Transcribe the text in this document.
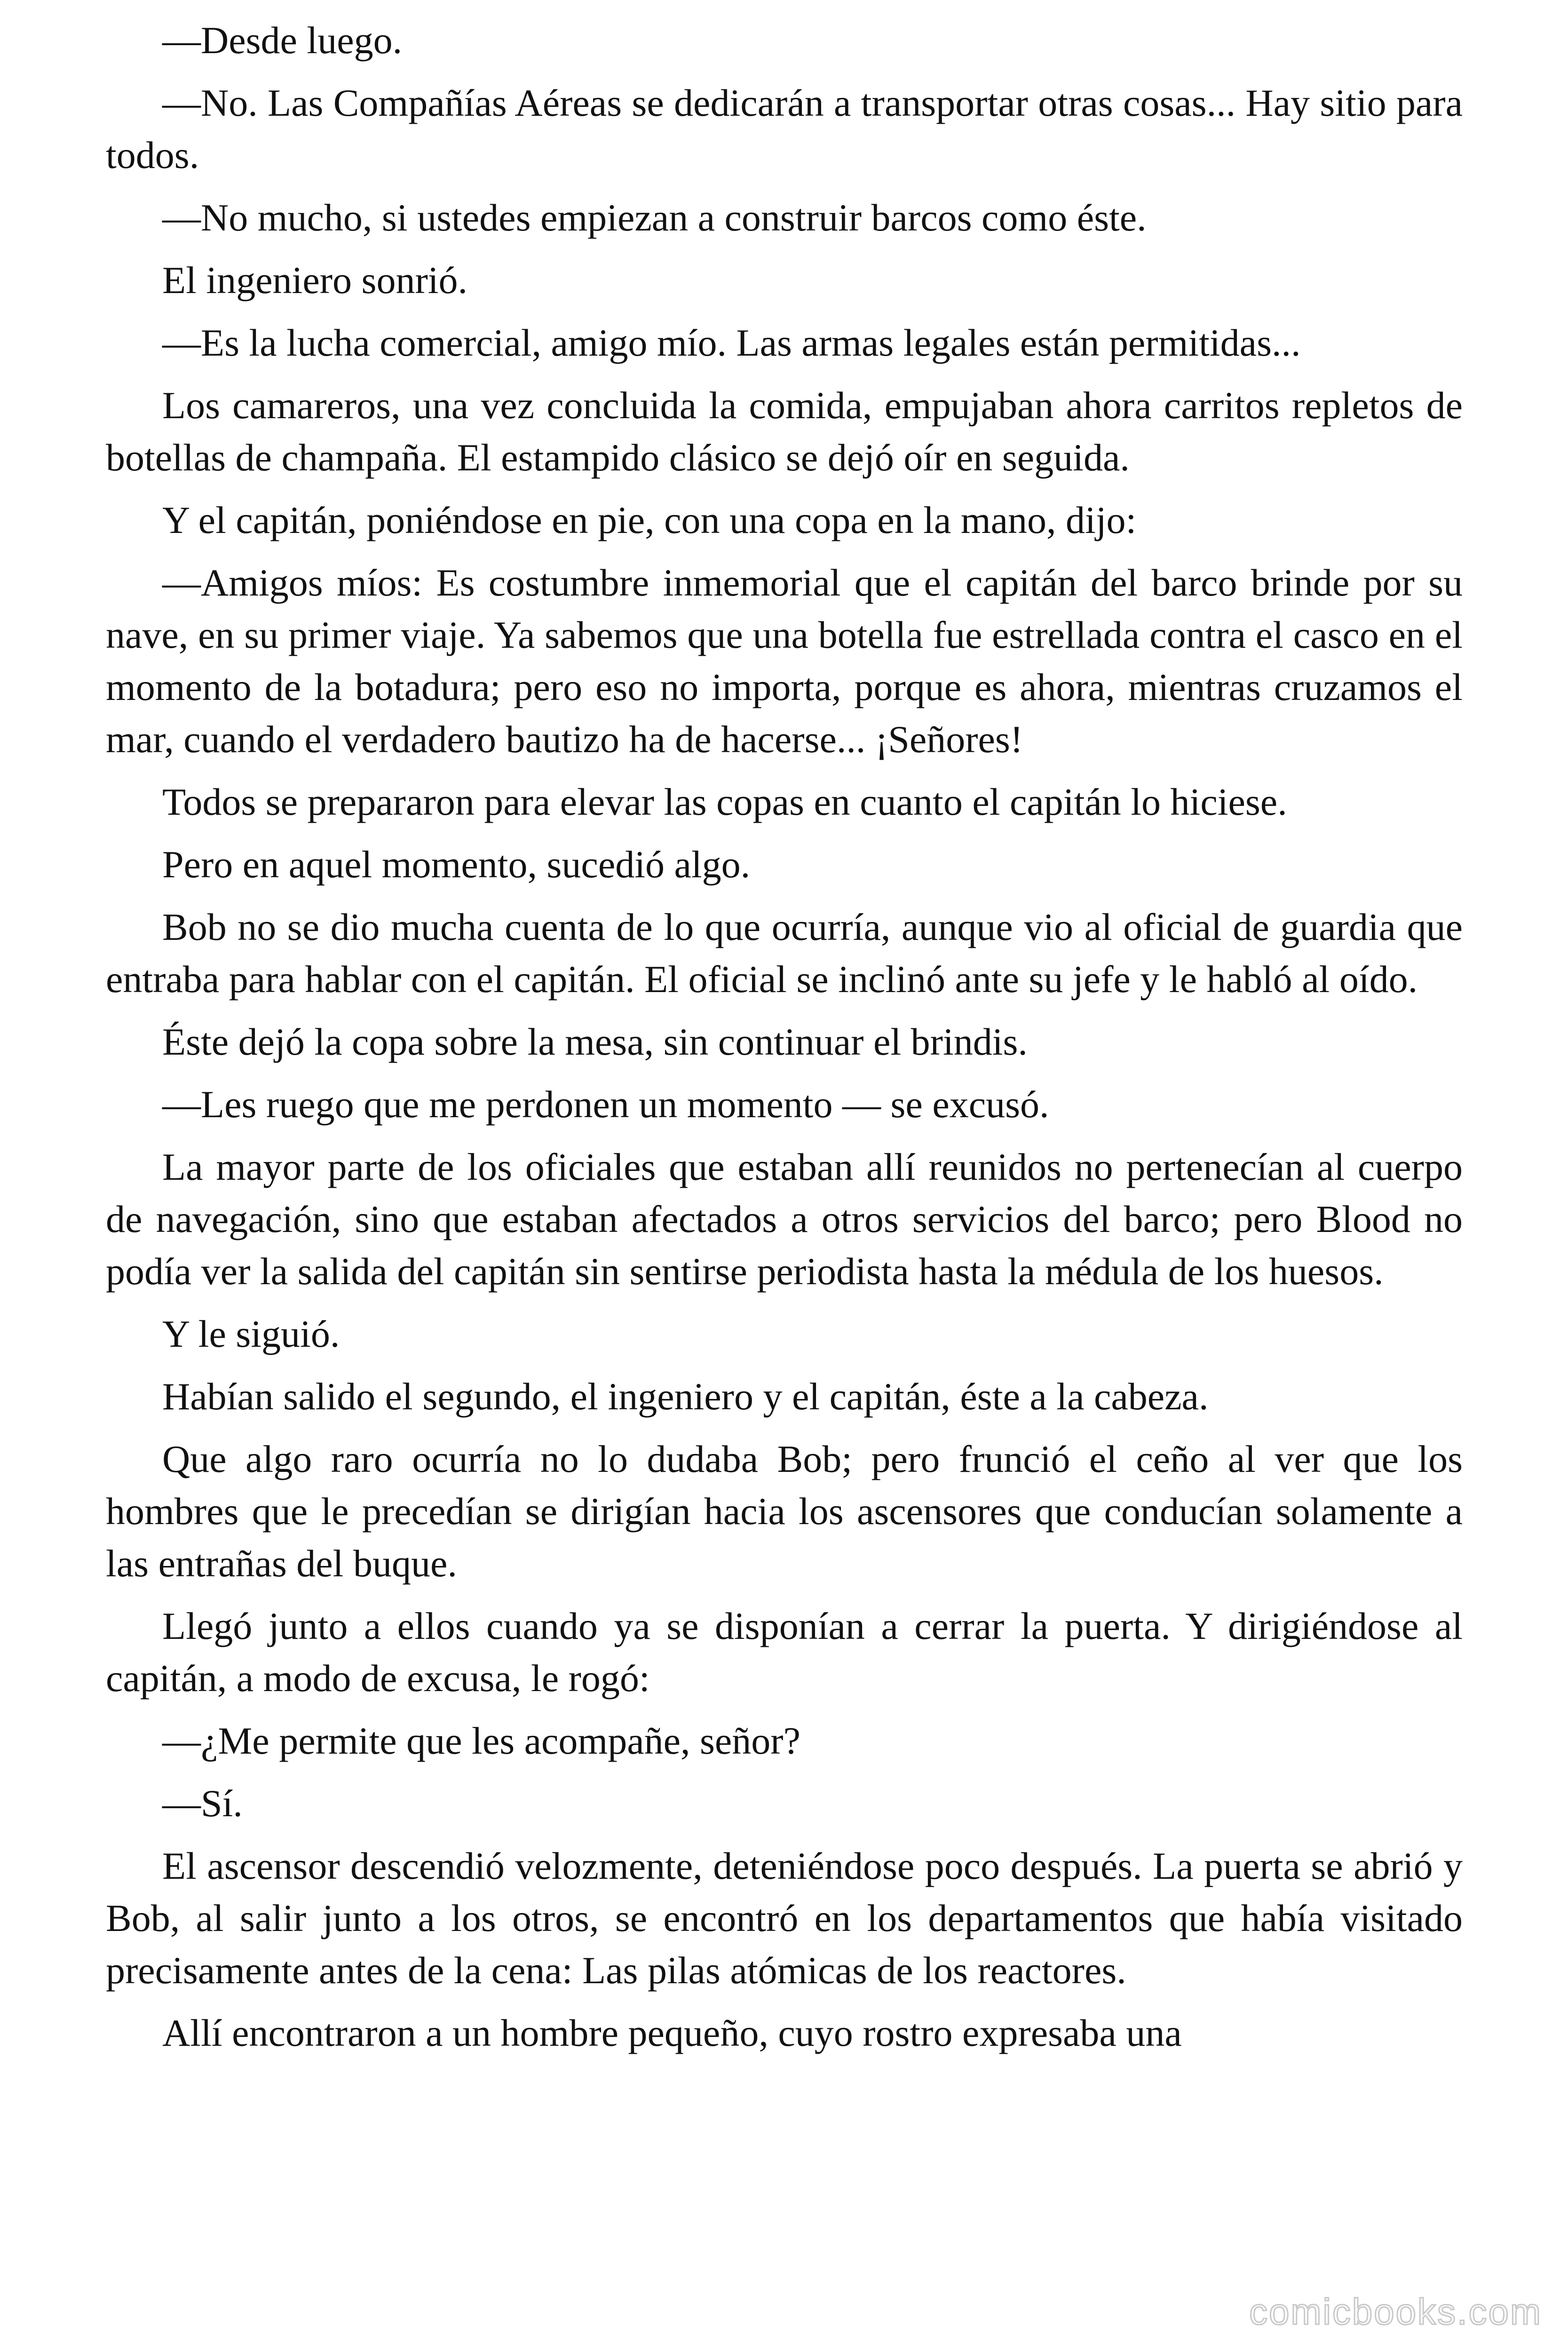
—Desde luego.

—No. Las Compañías Aéreas se dedicarán a transportar otras cosas... Hay sitio para todos.

—No mucho, si ustedes empiezan a construir barcos como éste.

El ingeniero sonrió.

—Es la lucha comercial, amigo mío. Las armas legales están permitidas...

Los camareros, una vez concluida la comida, empujaban ahora carritos repletos de botellas de champaña. El estampido clásico se dejó oír en seguida.

Y el capitán, poniéndose en pie, con una copa en la mano, dijo:

—Amigos míos: Es costumbre inmemorial que el capitán del barco brinde por su nave, en su primer viaje. Ya sabemos que una botella fue estrellada contra el casco en el momento de la botadura; pero eso no importa, porque es ahora, mientras cruzamos el mar, cuando el verdadero bautizo ha de hacerse... ¡Señores!

Todos se prepararon para elevar las copas en cuanto el capitán lo hiciese.

Pero en aquel momento, sucedió algo.

Bob no se dio mucha cuenta de lo que ocurría, aunque vio al oficial de guardia que entraba para hablar con el capitán. El oficial se inclinó ante su jefe y le habló al oído.

Éste dejó la copa sobre la mesa, sin continuar el brindis.

—Les ruego que me perdonen un momento — se excusó.

La mayor parte de los oficiales que estaban allí reunidos no pertenecían al cuerpo de navegación, sino que estaban afectados a otros servicios del barco; pero Blood no podía ver la salida del capitán sin sentirse periodista hasta la médula de los huesos.

Y le siguió.

Habían salido el segundo, el ingeniero y el capitán, éste a la cabeza.

Que algo raro ocurría no lo dudaba Bob; pero frunció el ceño al ver que los hombres que le precedían se dirigían hacia los ascensores que conducían solamente a las entrañas del buque.

Llegó junto a ellos cuando ya se disponían a cerrar la puerta. Y dirigiéndose al capitán, a modo de excusa, le rogó:

—¿Me permite que les acompañe, señor?

—Sí.

El ascensor descendió velozmente, deteniéndose poco después. La puerta se abrió y Bob, al salir junto a los otros, se encontró en los departamentos que había visitado precisamente antes de la cena: Las pilas atómicas de los reactores.

Allí encontraron a un hombre pequeño, cuyo rostro expresaba una

comicbooks.com
